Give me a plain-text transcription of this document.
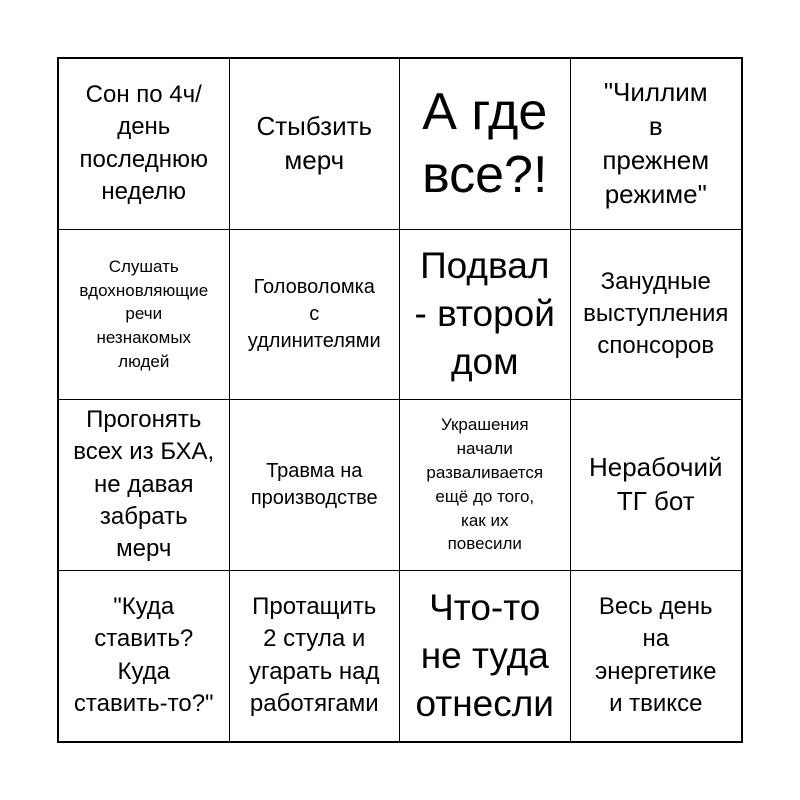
Сон по 4ч/
день
последнюю
неделю
Стыбзить
мерч
А где
все?!
"Чиллим
в
прежнем
режиме"
Слушать
вдохновляющие
речи
незнакомых
людей
Головоломка
с
удлинителями
Подвал
- второй
дом
Занудные
выступления
спонсоров
Прогонять
всех из БХА,
не давая
забрать
мерч
Травма на
производстве
Украшения
начали
разваливается
ещё до того,
как их
повесили
Нерабочий
ТГ бот
"Куда
ставить?
Куда
ставить-то?"
Протащить
2 стула и
угарать над
работягами
Что-то
не туда
отнесли
Весь день
на
энергетике
и твиксе
